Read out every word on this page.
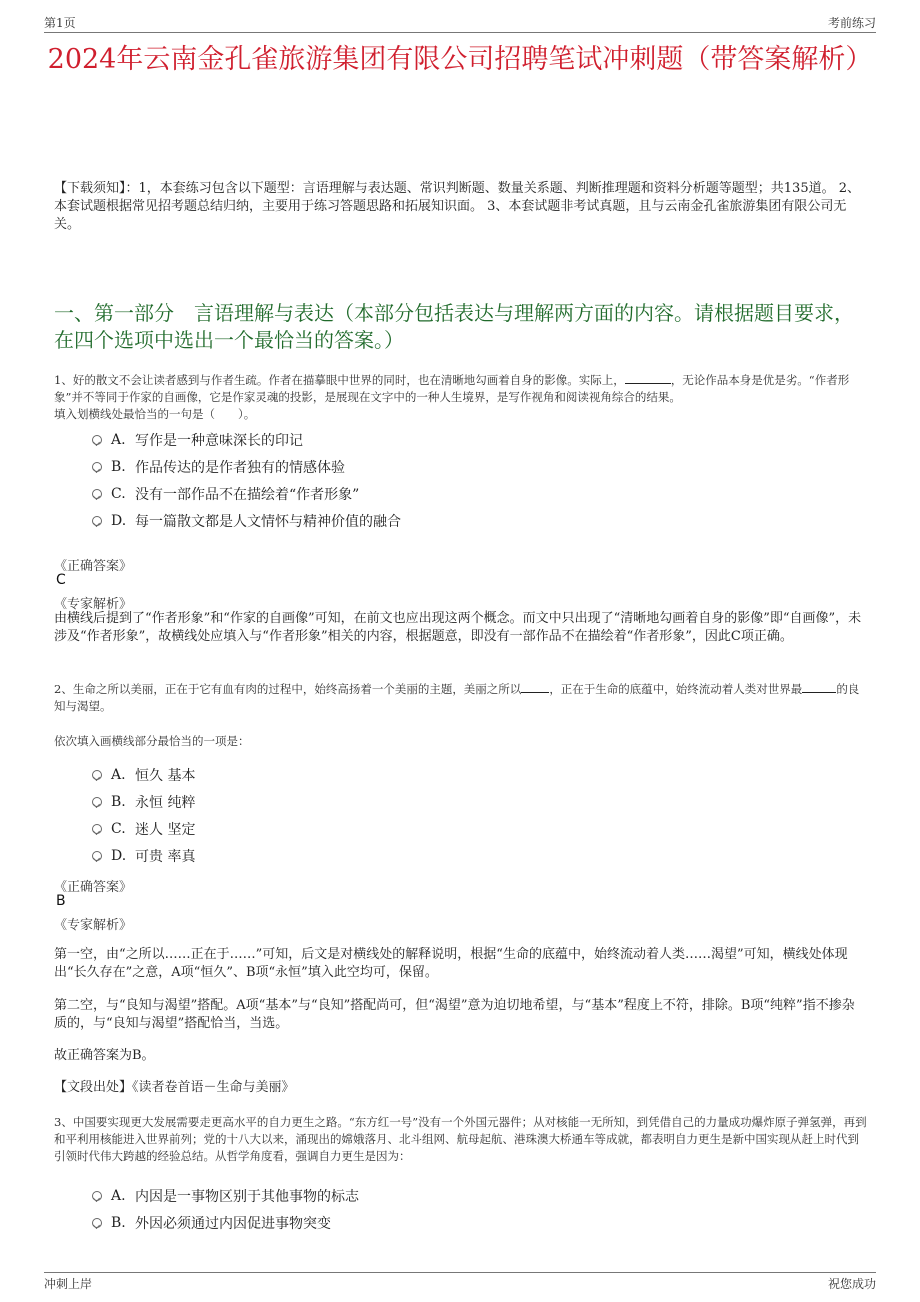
第1页	考前练习
2024年云南金孔雀旅游集团有限公司招聘笔试冲刺题（带答案解析）
【下载须知】：1，本套练习包含以下题型：言语理解与表达题、常识判断题、数量关系题、判断推理题和资料分析题等题型；共135道。 2、本套试题根据常见招考题总结归纳，主要用于练习答题思路和拓展知识面。 3、本套试题非考试真题，且与云南金孔雀旅游集团有限公司无关。
一、第一部分　言语理解与表达（本部分包括表达与理解两方面的内容。请根据题目要求，在四个选项中选出一个最恰当的答案。）
1、好的散文不会让读者感到与作者生疏。作者在描摹眼中世界的同时，也在清晰地勾画着自身的影像。实际上，	，无论作品本身是优是劣。“作者形象”并不等同于作家的自画像，它是作家灵魂的投影，是展现在文字中的一种人生境界，是写作视角和阅读视角综合的结果。
填入划横线处最恰当的一句是（　　）。
A. 写作是一种意味深长的印记
B. 作品传达的是作者独有的情感体验
C. 没有一部作品不在描绘着“作者形象”
D. 每一篇散文都是人文情怀与精神价值的融合
《正确答案》
C
《专家解析》
由横线后提到了“作者形象”和“作家的自画像”可知，在前文也应出现这两个概念。而文中只出现了“清晰地勾画着自身的影像”即“自画像”，未涉及“作者形象”，故横线处应填入与“作者形象”相关的内容，根据题意，即没有一部作品不在描绘着“作者形象”，因此C项正确。
2、生命之所以美丽，正在于它有血有肉的过程中，始终高扬着一个美丽的主题，美丽之所以 ，正在于生命的底蕴中，始终流动着人类对世界最	的良知与渴望。
依次填入画横线部分最恰当的一项是：
A. 恒久 基本
B. 永恒 纯粹
C. 迷人 坚定
D. 可贵 率真
《正确答案》
B
《专家解析》
第一空，由“之所以……正在于……”可知，后文是对横线处的解释说明，根据“生命的底蕴中，始终流动着人类……渴望”可知，横线处体现出“长久存在”之意，A项“恒久”、B项“永恒”填入此空均可，保留。
第二空，与“良知与渴望”搭配。A项“基本”与“良知”搭配尚可，但“渴望”意为迫切地希望，与“基本”程度上不符，排除。B项“纯粹”指不掺杂质的，与“良知与渴望”搭配恰当，当选。
故正确答案为B。
【文段出处】《读者卷首语－生命与美丽》
3、中国要实现更大发展需要走更高水平的自力更生之路。“东方红一号”没有一个外国元器件；从对核能一无所知，到凭借自己的力量成功爆炸原子弹氢弹，再到和平利用核能进入世界前列；党的十八大以来，涌现出的嫦娥落月、北斗组网、航母起航、港珠澳大桥通车等成就，都表明自力更生是新中国实现从赶上时代到引领时代伟大跨越的经验总结。从哲学角度看，强调自力更生是因为：
A. 内因是一事物区别于其他事物的标志
B. 外因必须通过内因促进事物突变
冲刺上岸	祝您成功
